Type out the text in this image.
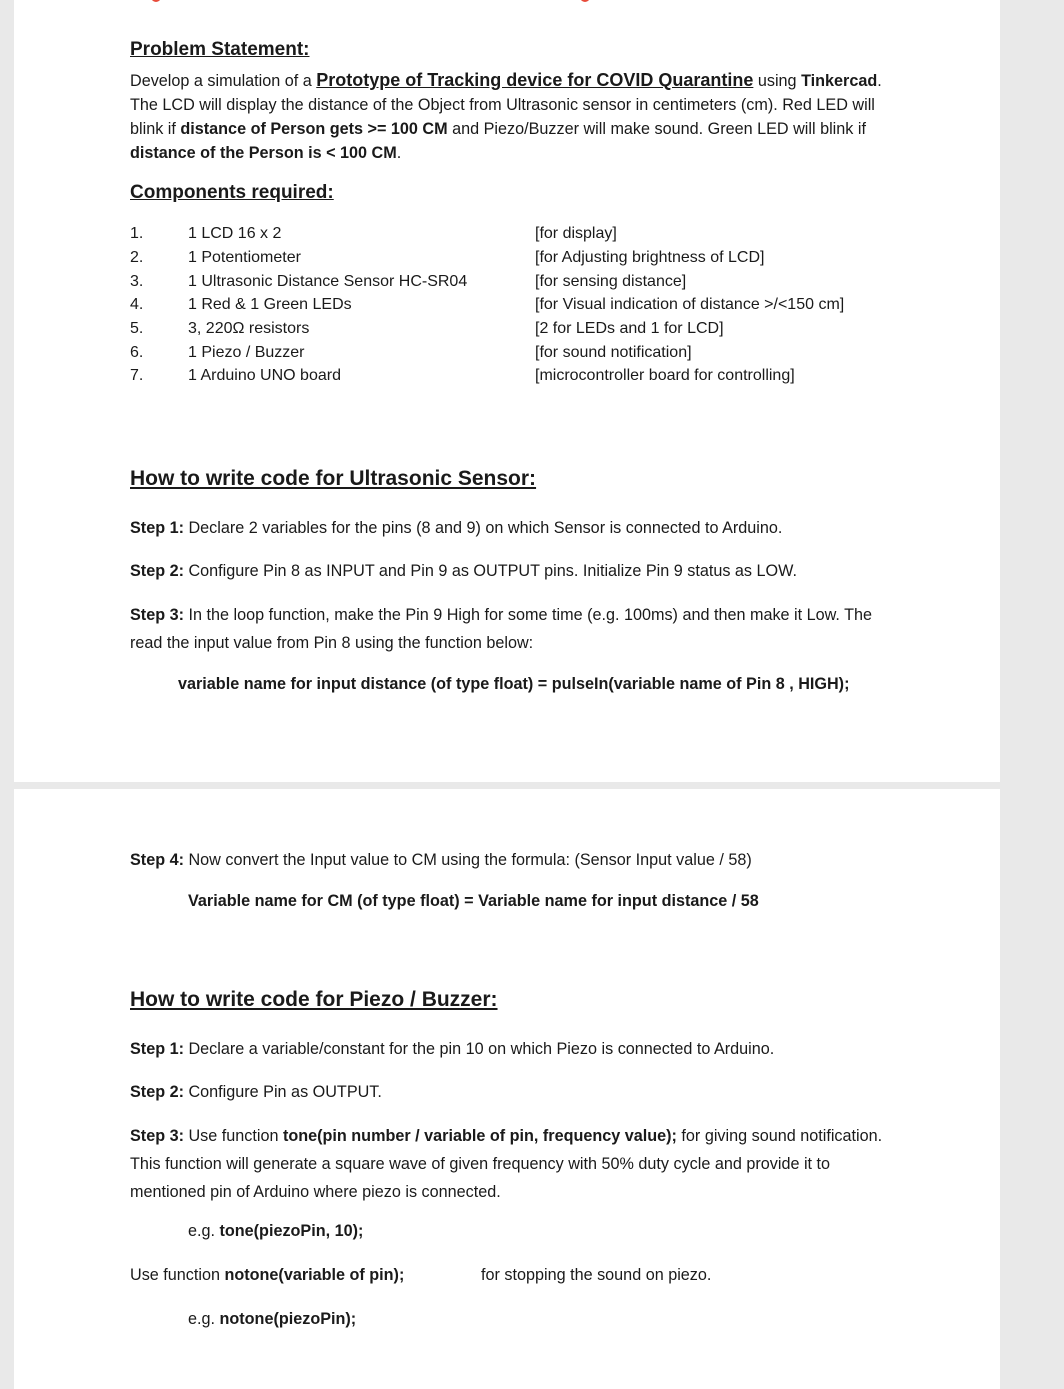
Problem Statement:
Develop a simulation of a Prototype of Tracking device for COVID Quarantine using Tinkercad. The LCD will display the distance of the Object from Ultrasonic sensor in centimeters (cm). Red LED will blink if distance of Person gets >= 100 CM and Piezo/Buzzer will make sound. Green LED will blink if distance of the Person is < 100 CM.
Components required:
1.	1 LCD 16 x 2	[for display]
2.	1 Potentiometer	[for Adjusting brightness of LCD]
3.	1 Ultrasonic Distance Sensor HC-SR04	[for sensing distance]
4.	1 Red & 1 Green LEDs	[for Visual indication of distance >/<150 cm]
5.	3, 220Ω resistors	[2 for LEDs and 1 for LCD]
6.	1 Piezo / Buzzer	[for sound notification]
7.	1 Arduino UNO board	[microcontroller board for controlling]
How to write code for Ultrasonic Sensor:
Step 1: Declare 2 variables for the pins (8 and 9) on which Sensor is connected to Arduino.
Step 2: Configure Pin 8 as INPUT and Pin 9 as OUTPUT pins. Initialize Pin 9 status as LOW.
Step 3: In the loop function, make the Pin 9 High for some time (e.g. 100ms) and then make it Low. The read the input value from Pin 8 using the function below:
variable name for input distance (of type float) = pulseIn(variable name of Pin 8 , HIGH);
Step 4: Now convert the Input value to CM using the formula: (Sensor Input value / 58)
Variable name for CM (of type float) = Variable name for input distance / 58
How to write code for Piezo / Buzzer:
Step 1: Declare a variable/constant for the pin 10 on which Piezo is connected to Arduino.
Step 2: Configure Pin as OUTPUT.
Step 3: Use function tone(pin number / variable of pin, frequency value); for giving sound notification. This function will generate a square wave of given frequency with 50% duty cycle and provide it to mentioned pin of Arduino where piezo is connected.
e.g. tone(piezoPin, 10);
Use function notone(variable of pin);	for stopping the sound on piezo.
e.g. notone(piezoPin);
